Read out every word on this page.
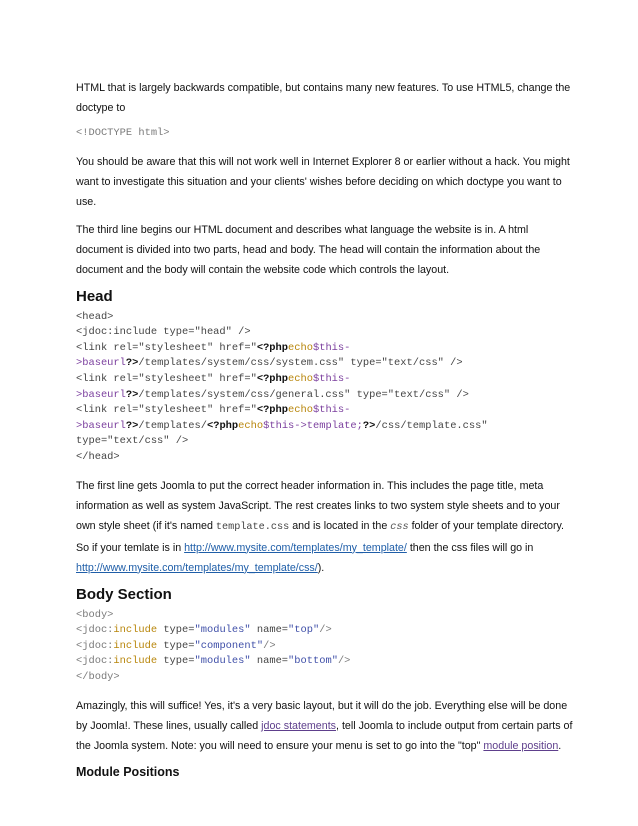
HTML that is largely backwards compatible, but contains many new features. To use HTML5, change the doctype to

<!DOCTYPE html>

You should be aware that this will not work well in Internet Explorer 8 or earlier without a hack. You might want to investigate this situation and your clients' wishes before deciding on which doctype you want to use.

The third line begins our HTML document and describes what language the website is in. A html document is divided into two parts, head and body. The head will contain the information about the document and the body will contain the website code which controls the layout.

Head
<head>
<jdoc:include type="head" />
<link rel="stylesheet" href="<?phpecho$this-
>baseurl?>/templates/system/css/system.css" type="text/css" />
<link rel="stylesheet" href="<?phpecho$this-
>baseurl?>/templates/system/css/general.css" type="text/css" />
<link rel="stylesheet" href="<?phpecho$this-
>baseurl?>/templates/<?phpecho$this->template;?>/css/template.css"
type="text/css" />
</head>

The first line gets Joomla to put the correct header information in. This includes the page title, meta information as well as system JavaScript. The rest creates links to two system style sheets and to your own style sheet (if it's named template.css and is located in the css folder of your template directory. So if your temlate is in http://www.mysite.com/templates/my_template/ then the css files will go in http://www.mysite.com/templates/my_template/css/).

Body Section
<body>
<jdoc:include type="modules" name="top"/>
<jdoc:include type="component"/>
<jdoc:include type="modules" name="bottom"/>
</body>

Amazingly, this will suffice! Yes, it's a very basic layout, but it will do the job. Everything else will be done by Joomla!. These lines, usually called jdoc statements, tell Joomla to include output from certain parts of the Joomla system. Note: you will need to ensure your menu is set to go into the "top" module position.

Module Positions
